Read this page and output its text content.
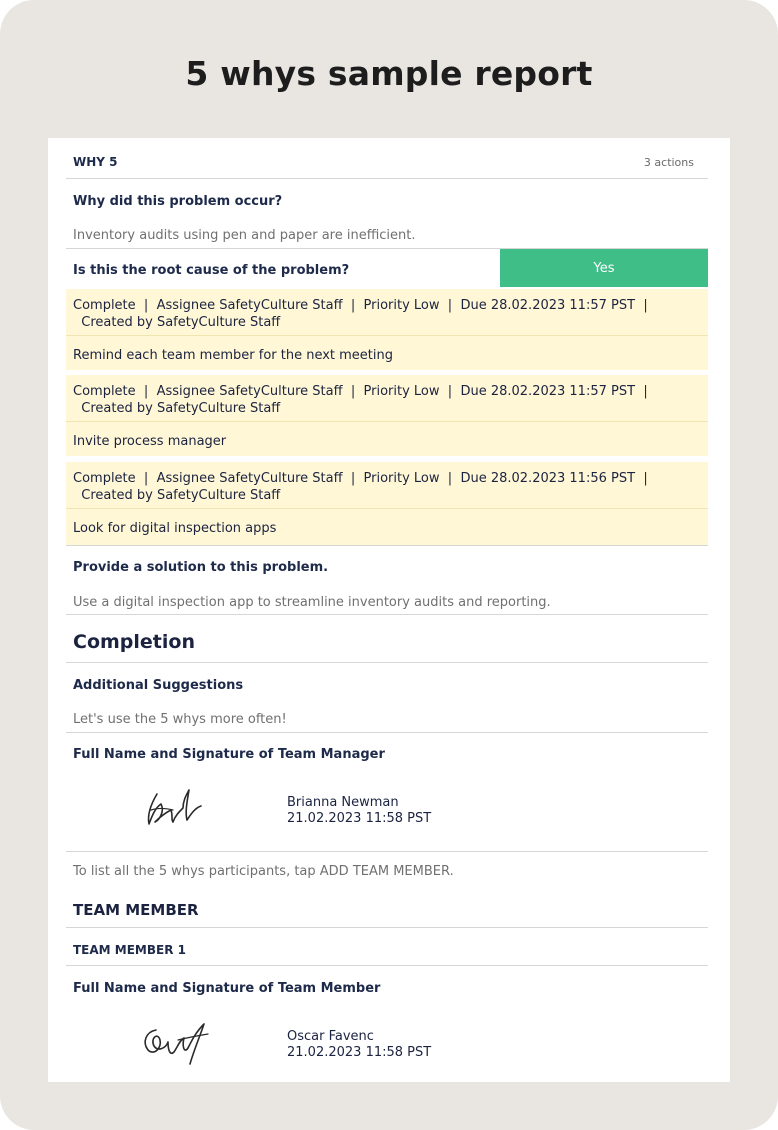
5 whys sample report
WHY 5	3 actions
Why did this problem occur?
Inventory audits using pen and paper are inefficient.
Is this the root cause of the problem?	Yes
Complete | Assignee SafetyCulture Staff | Priority Low | Due 28.02.2023 11:57 PST |  Created by SafetyCulture Staff
Remind each team member for the next meeting
Complete | Assignee SafetyCulture Staff | Priority Low | Due 28.02.2023 11:57 PST |  Created by SafetyCulture Staff
Invite process manager
Complete | Assignee SafetyCulture Staff | Priority Low | Due 28.02.2023 11:56 PST |  Created by SafetyCulture Staff
Look for digital inspection apps
Provide a solution to this problem.
Use a digital inspection app to streamline inventory audits and reporting.
Completion
Additional Suggestions
Let's use the 5 whys more often!
Full Name and Signature of Team Manager
Brianna Newman
21.02.2023 11:58 PST
To list all the 5 whys participants, tap ADD TEAM MEMBER.
TEAM MEMBER
TEAM MEMBER 1
Full Name and Signature of Team Member
Oscar Favenc
21.02.2023 11:58 PST
